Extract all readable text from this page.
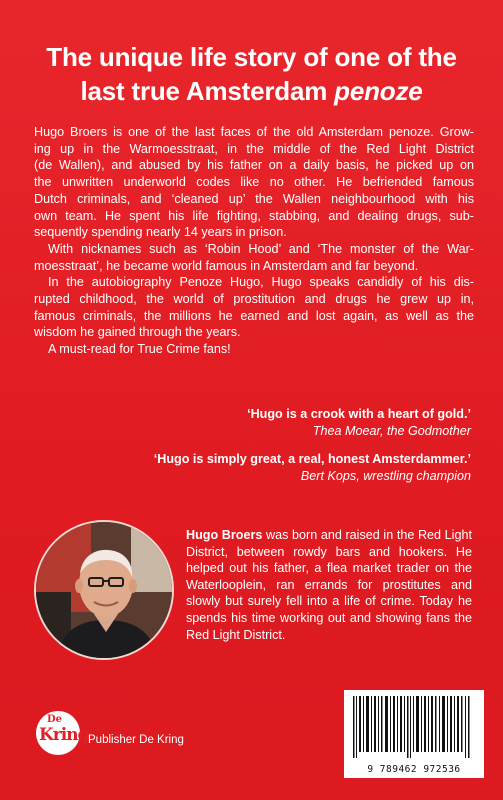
The unique life story of one of the
last true Amsterdam penoze

Hugo Broers is one of the last faces of the old Amsterdam penoze. Grow-
ing up in the Warmoesstraat, in the middle of the Red Light District
(de Wallen), and abused by his father on a daily basis, he picked up on
the unwritten underworld codes like no other. He befriended famous
Dutch criminals, and ‘cleaned up’ the Wallen neighbourhood with his
own team. He spent his life fighting, stabbing, and dealing drugs, sub-
sequently spending nearly 14 years in prison.

With nicknames such as ‘Robin Hood’ and ‘The monster of the War-
moesstraat’, he became world famous in Amsterdam and far beyond.

In the autobiography Penoze Hugo, Hugo speaks candidly of his dis-
rupted childhood, the world of prostitution and drugs he grew up in,
famous criminals, the millions he earned and lost again, as well as the
wisdom he gained through the years.

A must-read for True Crime fans!

‘Hugo is a crook with a heart of gold.’
Thea Moear, the Godmother
‘Hugo is simply great, a real, honest Amsterdammer.’
Bert Kops, wrestling champion
Hugo Broers was born and raised in the Red Light District, between rowdy bars and hookers. He helped out his father, a flea market trader on the Waterlooplein, ran errands for prostitutes and slowly but surely fell into a life of crime. Today he spends his time working out and showing fans the Red Light District.
De
Kring Publisher De Kring
9 789462 972536
